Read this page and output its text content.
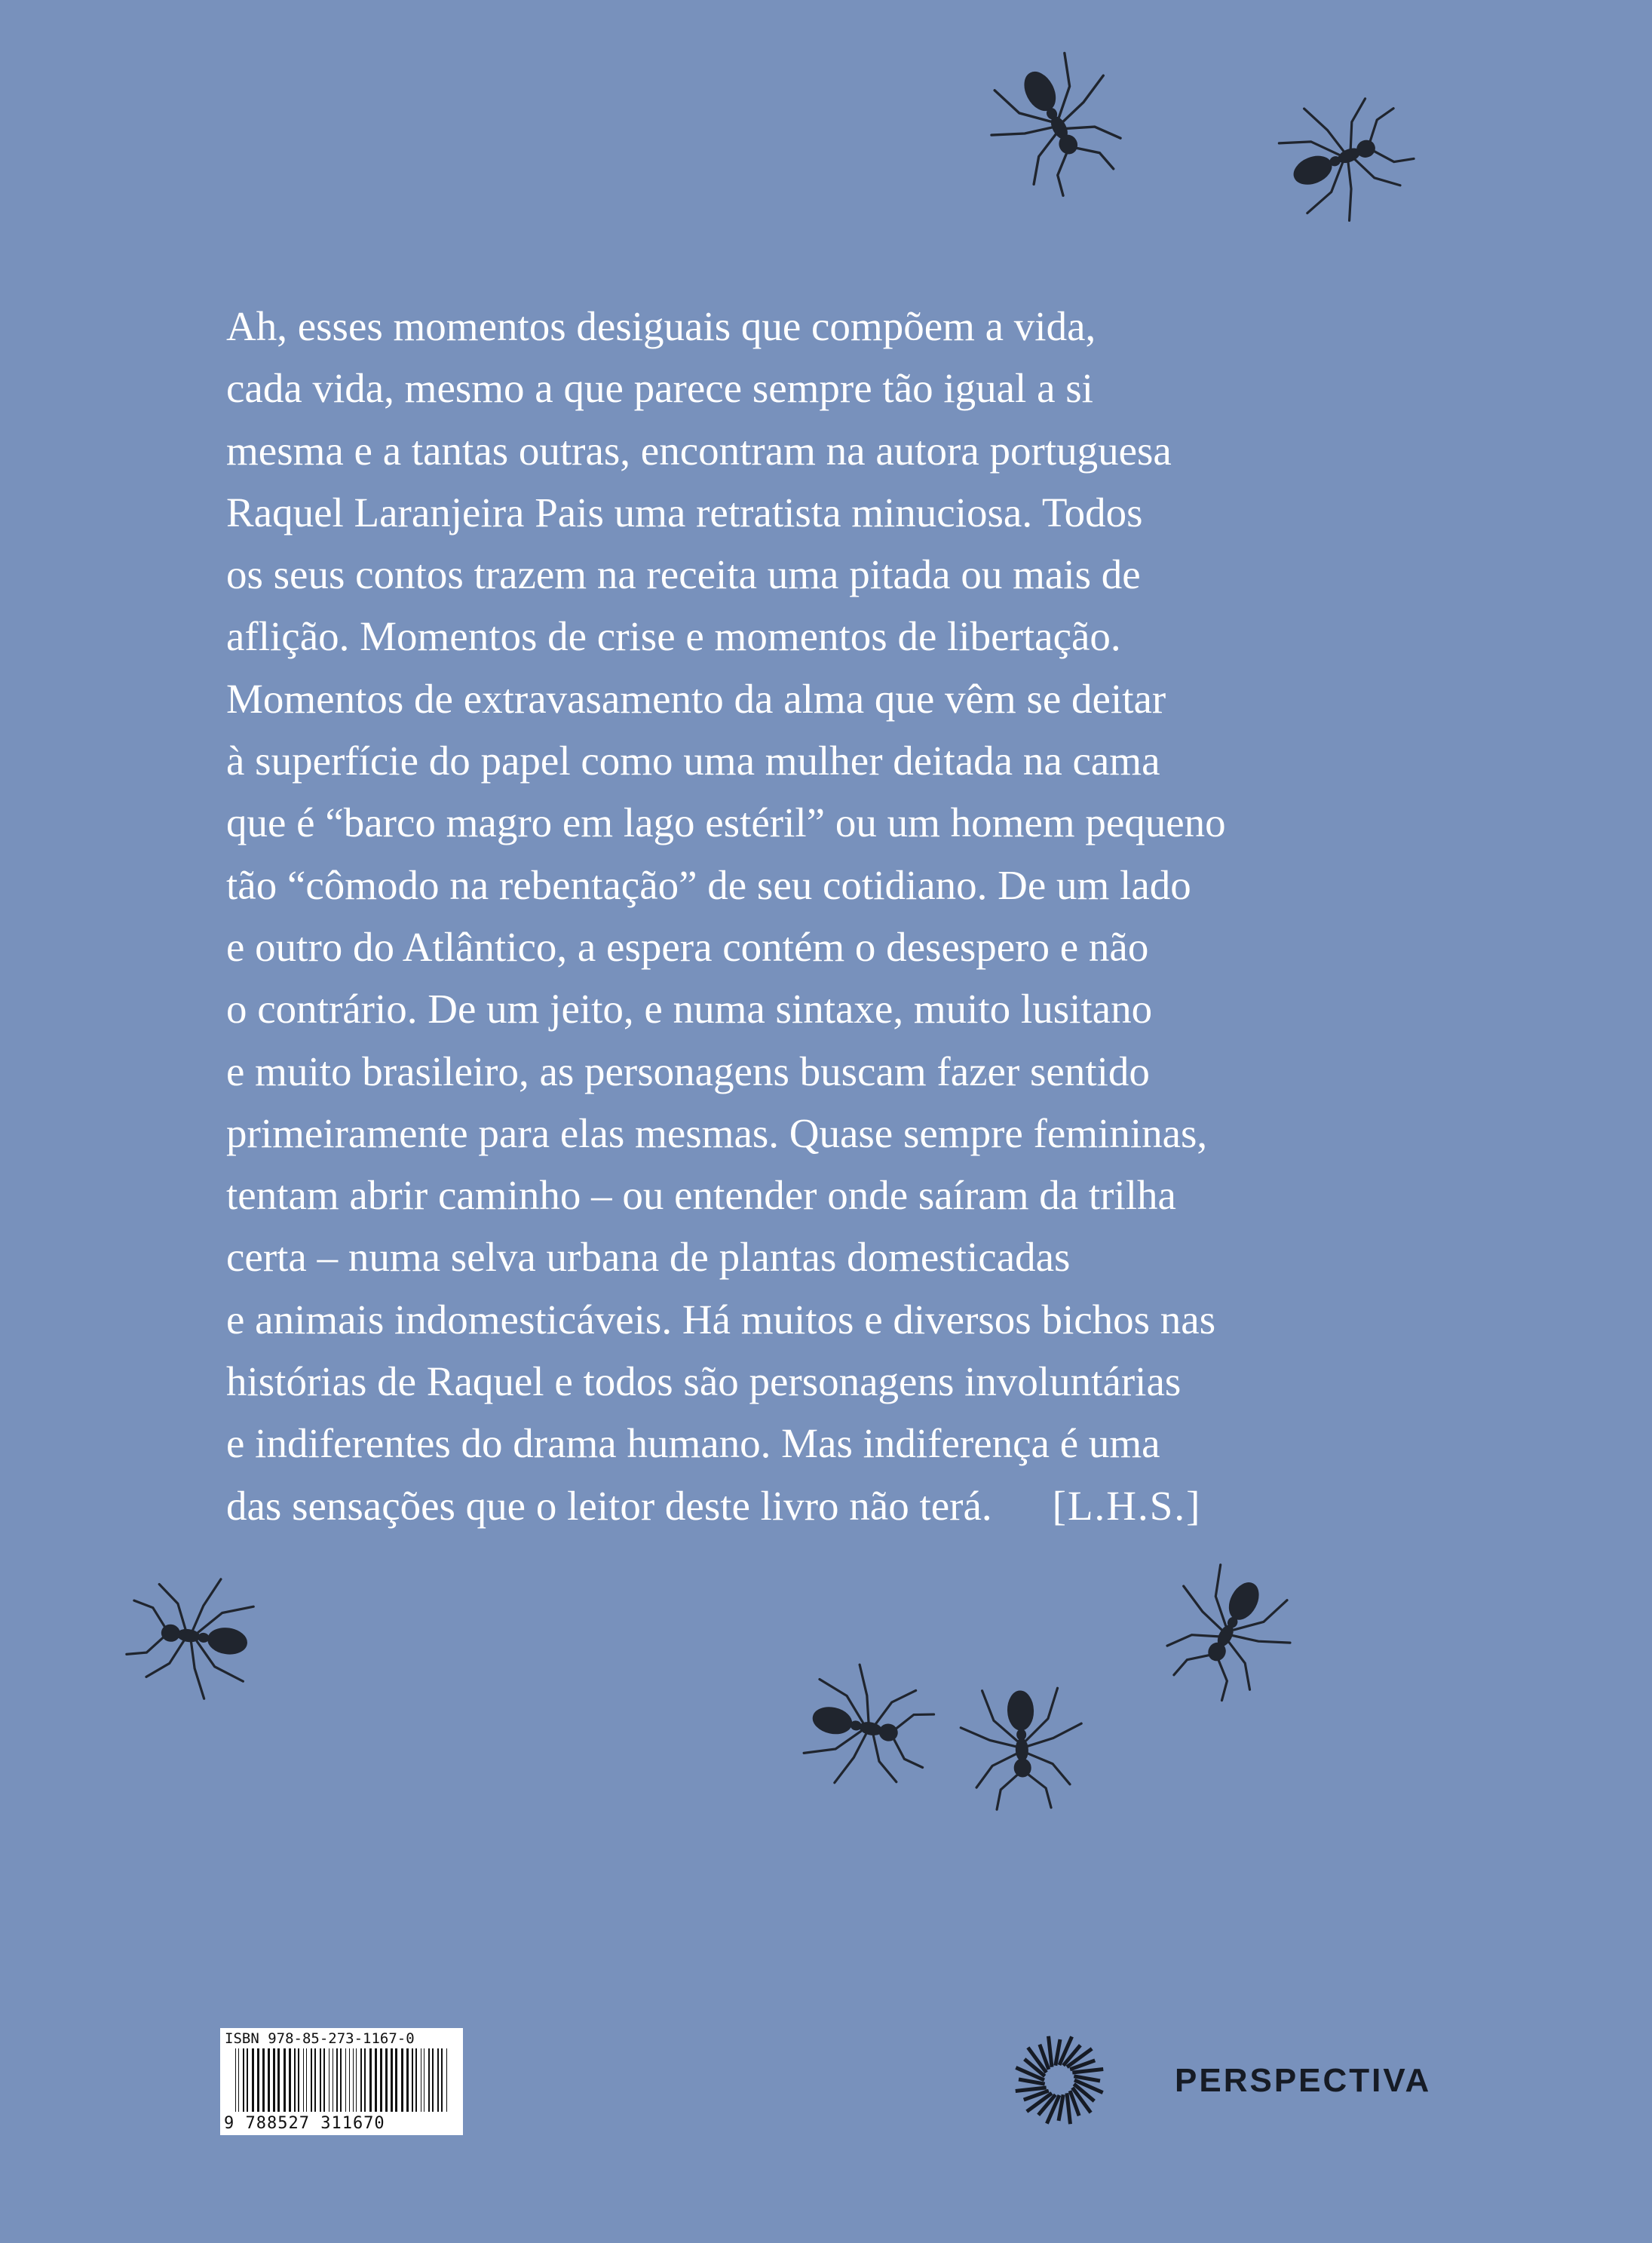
Ah, esses momentos desiguais que compõem a vida,
cada vida, mesmo a que parece sempre tão igual a si
mesma e a tantas outras, encontram na autora portuguesa
Raquel Laranjeira Pais uma retratista minuciosa. Todos
os seus contos trazem na receita uma pitada ou mais de
aflição. Momentos de crise e momentos de libertação.
Momentos de extravasamento da alma que vêm se deitar
à superfície do papel como uma mulher deitada na cama
que é “barco magro em lago estéril” ou um homem pequeno
tão “cômodo na rebentação” de seu cotidiano. De um lado
e outro do Atlântico, a espera contém o desespero e não
o contrário. De um jeito, e numa sintaxe, muito lusitano
e muito brasileiro, as personagens buscam fazer sentido
primeiramente para elas mesmas. Quase sempre femininas,
tentam abrir caminho – ou entender onde saíram da trilha
certa – numa selva urbana de plantas domesticadas
e animais indomesticáveis. Há muitos e diversos bichos nas
histórias de Raquel e todos são personagens involuntárias
e indiferentes do drama humano. Mas indiferença é uma
das sensações que o leitor deste livro não terá. [L.H.S.]

ISBN 978-85-273-1167-0
9 788527 311670
PERSPECTIVA
